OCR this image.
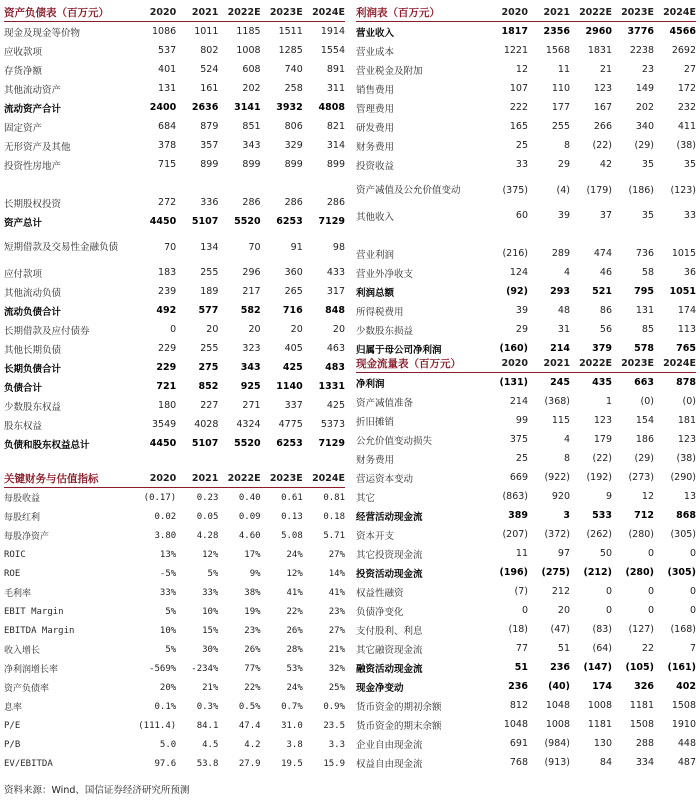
资产负债表（百万元）	2020	2021	2022E	2023E	2024E
现金及现金等价物	1086	1011	1185	1511	1914
应收款项	537	802	1008	1285	1554
存货净额	401	524	608	740	891
其他流动资产	131	161	202	258	311
流动资产合计	2400	2636	3141	3932	4808
固定资产	684	879	851	806	821
无形资产及其他	378	357	343	329	314
投资性房地产	715	899	899	899	899

长期股权投资	272	336	286	286	286
资产总计	4450	5107	5520	6253	7129
短期借款及交易性金融负债	70	134	70	91	98
应付款项	183	255	296	360	433
其他流动负债	239	189	217	265	317
流动负债合计	492	577	582	716	848
长期借款及应付债券	0	20	20	20	20
其他长期负债	229	255	323	405	463
长期负债合计	229	275	343	425	483
负债合计	721	852	925	1140	1331
少数股东权益	180	227	271	337	425
股东权益	3549	4028	4324	4775	5373
负债和股东权益总计	4450	5107	5520	6253	7129
关键财务与估值指标	2020	2021	2022E	2023E	2024E
每股收益	(0.17)	0.23	0.40	0.61	0.81
每股红利	0.02	0.05	0.09	0.13	0.18
每股净资产	3.80	4.28	4.60	5.08	5.71
ROIC	13%	12%	17%	24%	27%
ROE	-5%	5%	9%	12%	14%
毛利率	33%	33%	38%	41%	41%
EBIT Margin	5%	10%	19%	22%	23%
EBITDA Margin	10%	15%	23%	26%	27%
收入增长	5%	30%	26%	28%	21%
净利润增长率	-569%	-234%	77%	53%	32%
资产负债率	20%	21%	22%	24%	25%
息率	0.1%	0.3%	0.5%	0.7%	0.9%
P/E	(111.4)	84.1	47.4	31.0	23.5
P/B	5.0	4.5	4.2	3.8	3.3
EV/EBITDA	97.6	53.8	27.9	19.5	15.9
利润表（百万元）	2020	2021	2022E	2023E	2024E
营业收入	1817	2356	2960	3776	4566
营业成本	1221	1568	1831	2238	2692
营业税金及附加	12	11	21	23	27
销售费用	107	110	123	149	172
管理费用	222	177	167	202	232
研发费用	165	255	266	340	411
财务费用	25	8	(22)	(29)	(38)
投资收益	33	29	42	35	35
资产减值及公允价值变动	(375)	(4)	(179)	(186)	(123)
其他收入	60	39	37	35	33

营业利润	(216)	289	474	736	1015
营业外净收支	124	4	46	58	36
利润总额	(92)	293	521	795	1051
所得税费用	39	48	86	131	174
少数股东损益	29	31	56	85	113
归属于母公司净利润	(160)	214	379	578	765
现金流量表（百万元）	2020	2021	2022E	2023E	2024E
净利润	(131)	245	435	663	878
资产减值准备	214	(368)	1	(0)	(0)
折旧摊销	99	115	123	154	181
公允价值变动损失	375	4	179	186	123
财务费用	25	8	(22)	(29)	(38)
营运资本变动	669	(922)	(192)	(273)	(290)
其它	(863)	920	9	12	13
经营活动现金流	389	3	533	712	868
资本开支	(207)	(372)	(262)	(280)	(305)
其它投资现金流	11	97	50	0	0
投资活动现金流	(196)	(275)	(212)	(280)	(305)
权益性融资	(7)	212	0	0	0
负债净变化	0	20	0	0	0
支付股利、利息	(18)	(47)	(83)	(127)	(168)
其它融资现金流	77	51	(64)	22	7
融资活动现金流	51	236	(147)	(105)	(161)
现金净变动	236	(40)	174	326	402
货币资金的期初余额	812	1048	1008	1181	1508
货币资金的期末余额	1048	1008	1181	1508	1910
企业自由现金流	691	(984)	130	288	448
权益自由现金流	768	(913)	84	334	487
资料来源：Wind、国信证券经济研究所预测
